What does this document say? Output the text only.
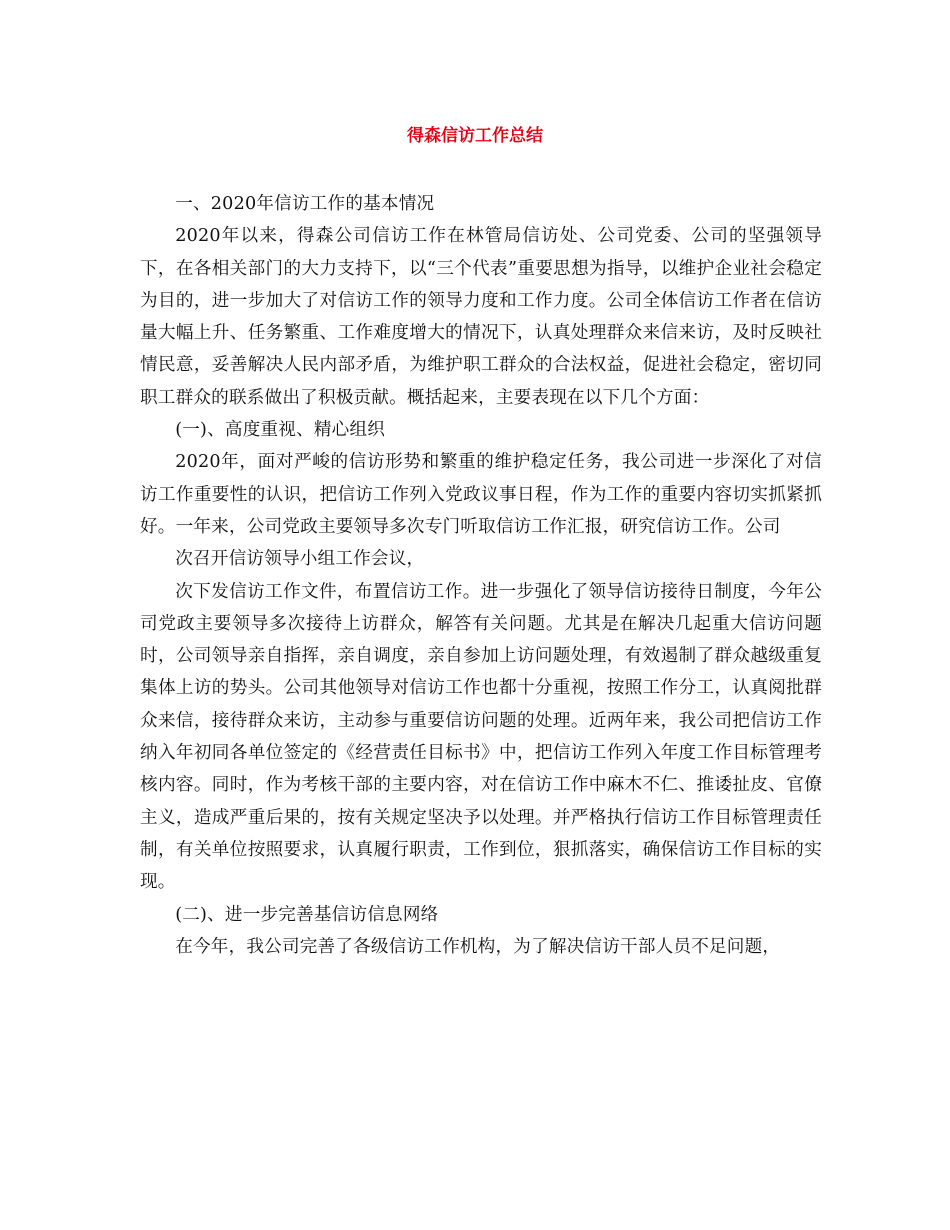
得森信访工作总结

一、2020年信访工作的基本情况

2020年以来，得森公司信访工作在林管局信访处、公司党委、公司的坚强领导下，在各相关部门的大力支持下，以“三个代表”重要思想为指导，以维护企业社会稳定为目的，进一步加大了对信访工作的领导力度和工作力度。公司全体信访工作者在信访量大幅上升、任务繁重、工作难度增大的情况下，认真处理群众来信来访，及时反映社情民意，妥善解决人民内部矛盾，为维护职工群众的合法权益，促进社会稳定，密切同职工群众的联系做出了积极贡献。概括起来，主要表现在以下几个方面：

(一)、高度重视、精心组织

2020年，面对严峻的信访形势和繁重的维护稳定任务，我公司进一步深化了对信访工作重要性的认识，把信访工作列入党政议事日程，作为工作的重要内容切实抓紧抓好。一年来，公司党政主要领导多次专门听取信访工作汇报，研究信访工作。公司

次召开信访领导小组工作会议，

次下发信访工作文件，布置信访工作。进一步强化了领导信访接待日制度，今年公司党政主要领导多次接待上访群众，解答有关问题。尤其是在解决几起重大信访问题时，公司领导亲自指挥，亲自调度，亲自参加上访问题处理，有效遏制了群众越级重复集体上访的势头。公司其他领导对信访工作也都十分重视，按照工作分工，认真阅批群众来信，接待群众来访，主动参与重要信访问题的处理。近两年来，我公司把信访工作纳入年初同各单位签定的《经营责任目标书》中，把信访工作列入年度工作目标管理考核内容。同时，作为考核干部的主要内容，对在信访工作中麻木不仁、推诿扯皮、官僚主义，造成严重后果的，按有关规定坚决予以处理。并严格执行信访工作目标管理责任制，有关单位按照要求，认真履行职责，工作到位，狠抓落实，确保信访工作目标的实现。

(二)、进一步完善基信访信息网络

在今年，我公司完善了各级信访工作机构，为了解决信访干部人员不足问题，
